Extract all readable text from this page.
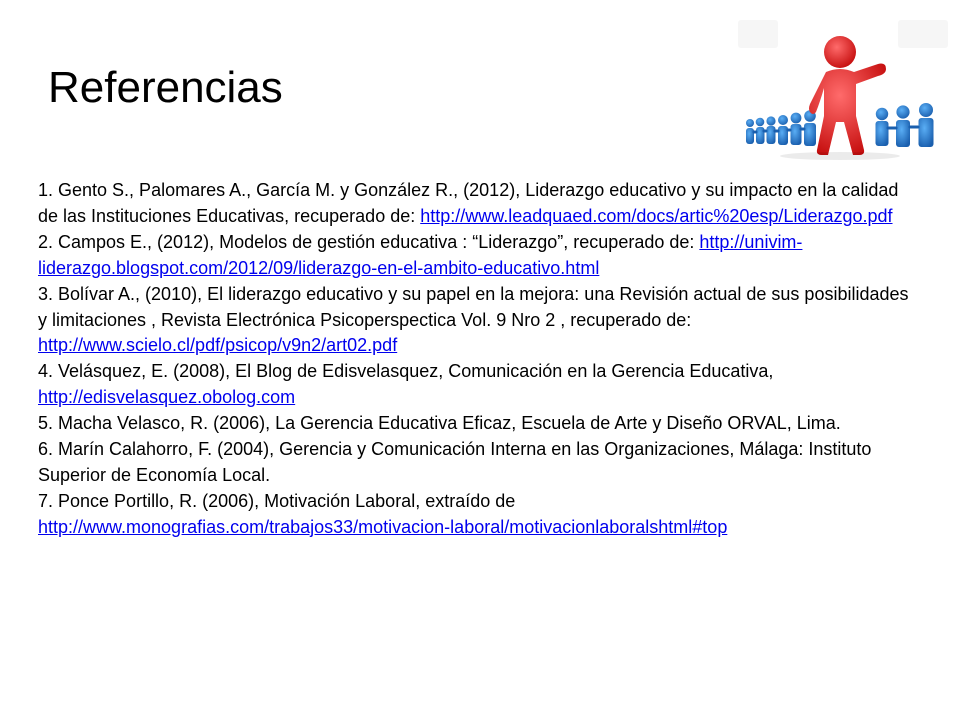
Referencias

1. Gento S., Palomares A., García M. y González R., (2012), Liderazgo educativo y su impacto en la calidad de las Instituciones Educativas, recuperado de: http://www.leadquaed.com/docs/artic%20esp/Liderazgo.pdf

2. Campos E., (2012), Modelos de gestión educativa : “Liderazgo”, recuperado de: http://univim-liderazgo.blogspot.com/2012/09/liderazgo-en-el-ambito-educativo.html

3. Bolívar A., (2010), El liderazgo educativo y su papel en la mejora: una Revisión actual de sus posibilidades y limitaciones , Revista Electrónica Psicoperspectica Vol. 9 Nro 2 , recuperado de: http://www.scielo.cl/pdf/psicop/v9n2/art02.pdf

4. Velásquez, E. (2008), El Blog de Edisvelasquez, Comunicación en la Gerencia Educativa, http://edisvelasquez.obolog.com

5. Macha Velasco, R. (2006), La Gerencia Educativa Eficaz, Escuela de Arte y Diseño ORVAL, Lima.

6. Marín Calahorro, F. (2004), Gerencia y Comunicación Interna en las Organizaciones, Málaga: Instituto Superior de Economía Local.

7. Ponce Portillo, R. (2006), Motivación Laboral, extraído de http://www.monografias.com/trabajos33/motivacion-laboral/motivacionlaboralshtml#top
